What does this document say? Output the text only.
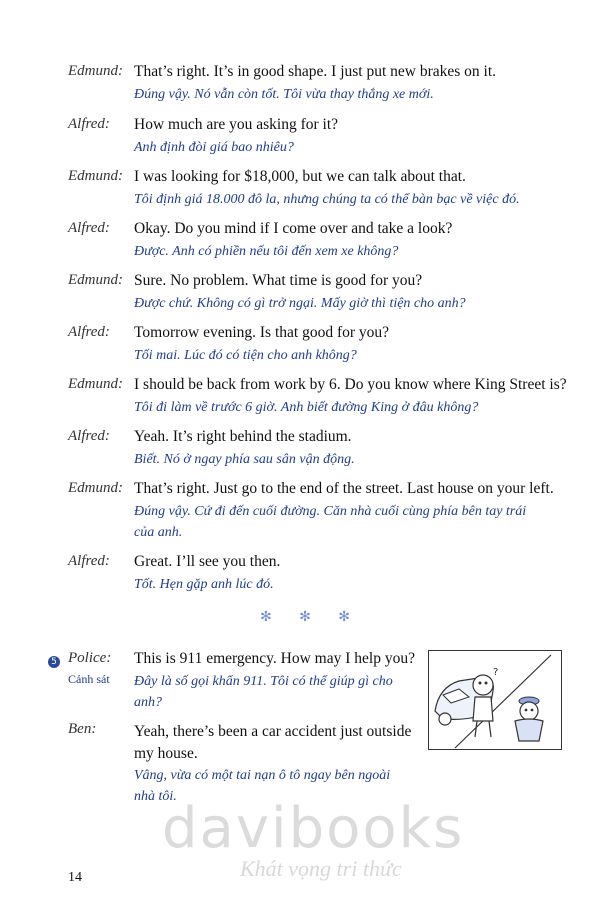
Edmund: That’s right. It’s in good shape. I just put new brakes on it.
Đúng vậy. Nó vẫn còn tốt. Tôi vừa thay thắng xe mới.
Alfred: How much are you asking for it?
Anh định đòi giá bao nhiêu?
Edmund: I was looking for $18,000, but we can talk about that.
Tôi định giá 18.000 đô la, nhưng chúng ta có thể bàn bạc về việc đó.
Alfred: Okay. Do you mind if I come over and take a look?
Được. Anh có phiền nếu tôi đến xem xe không?
Edmund: Sure. No problem. What time is good for you?
Được chứ. Không có gì trở ngại. Mấy giờ thì tiện cho anh?
Alfred: Tomorrow evening. Is that good for you?
Tối mai. Lúc đó có tiện cho anh không?
Edmund: I should be back from work by 6. Do you know where King Street is?
Tôi đi làm về trước 6 giờ. Anh biết đường King ở đâu không?
Alfred: Yeah. It’s right behind the stadium.
Biết. Nó ở ngay phía sau sân vận động.
Edmund: That’s right. Just go to the end of the street. Last house on your left.
Đúng vậy. Cứ đi đến cuối đường. Căn nhà cuối cùng phía bên tay trái
của anh.
Alfred: Great. I’ll see you then.
Tốt. Hẹn gặp anh lúc đó.
✻ ✻ ✻
5 Police: This is 911 emergency. How may I help you?
Đây là số gọi khẩn 911. Tôi có thể giúp gì cho
anh?
Cảnh sát
Ben: Yeah, there’s been a car accident just outside
my house.
Vâng, vừa có một tai nạn ô tô ngay bên ngoài
nhà tôi.
?
14
davibooks
Khát vọng tri thức
